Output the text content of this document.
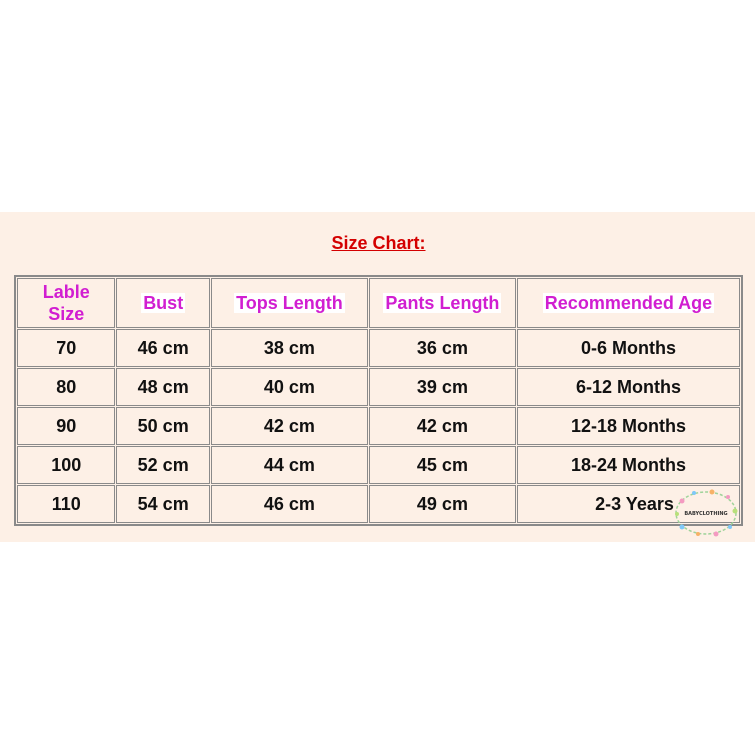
Size Chart:
Lable
Size	Bust	Tops Length	Pants Length	Recommended Age
70	46 cm	38 cm	36 cm	0-6 Months
80	48 cm	40 cm	39 cm	6-12 Months
90	50 cm	42 cm	42 cm	12-18 Months
100	52 cm	44 cm	45 cm	18-24 Months
110	54 cm	46 cm	49 cm	2-3 Years
BABYCLOTHING
